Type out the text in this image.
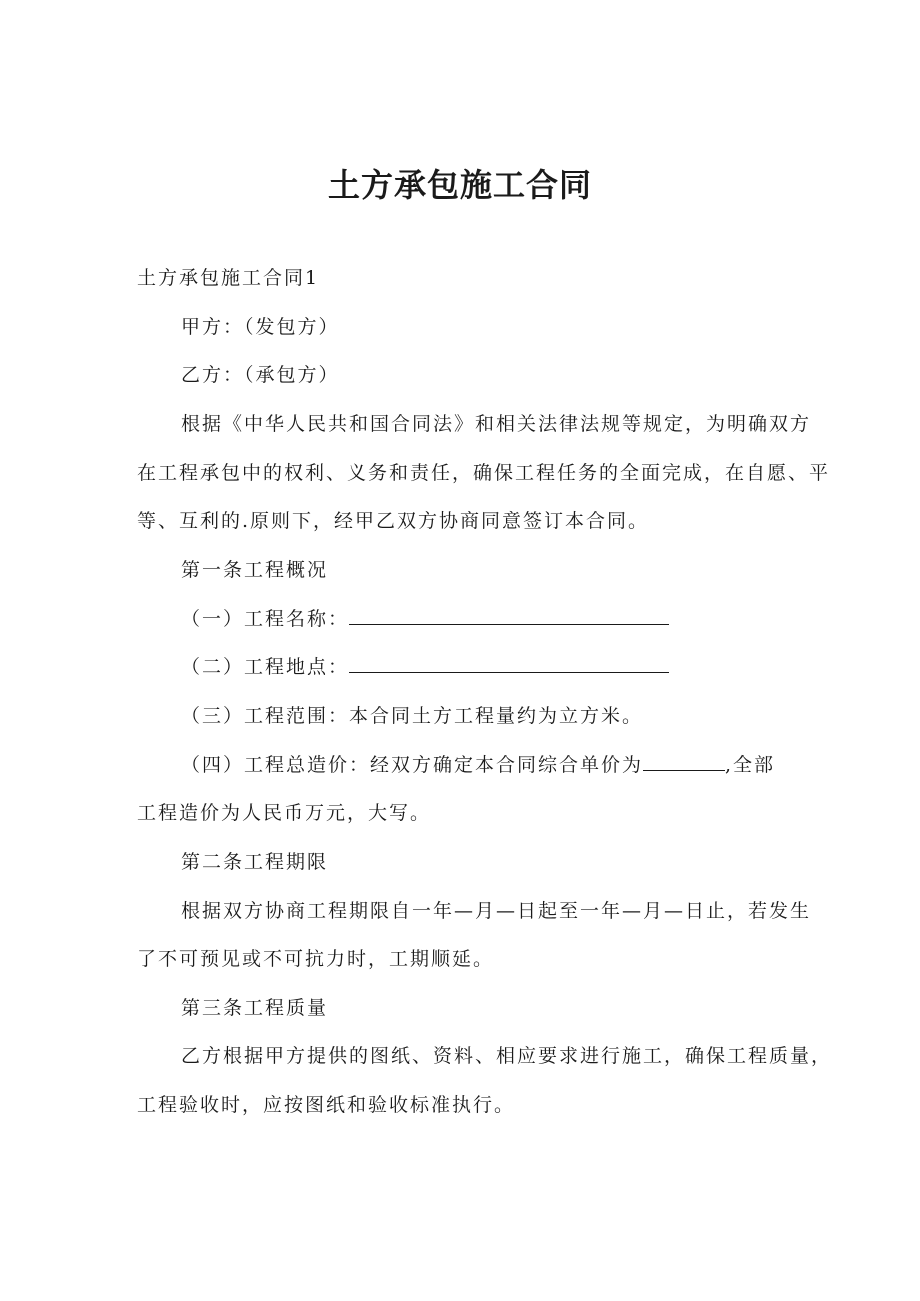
土方承包施工合同
土方承包施工合同1
甲方：（发包方）
乙方：（承包方）
根据《中华人民共和国合同法》和相关法律法规等规定，为明确双方
在工程承包中的权利、义务和责任，确保工程任务的全面完成，在自愿、平
等、互利的.原则下，经甲乙双方协商同意签订本合同。
第一条工程概况
（一）工程名称：
（二）工程地点：
（三）工程范围：本合同土方工程量约为立方米。
（四）工程总造价：经双方确定本合同综合单价为	,全部
工程造价为人民币万元，大写。
第二条工程期限
根据双方协商工程期限自一年—月—日起至一年—月—日止，若发生
了不可预见或不可抗力时，工期顺延。
第三条工程质量
乙方根据甲方提供的图纸、资料、相应要求进行施工，确保工程质量，
工程验收时，应按图纸和验收标准执行。
